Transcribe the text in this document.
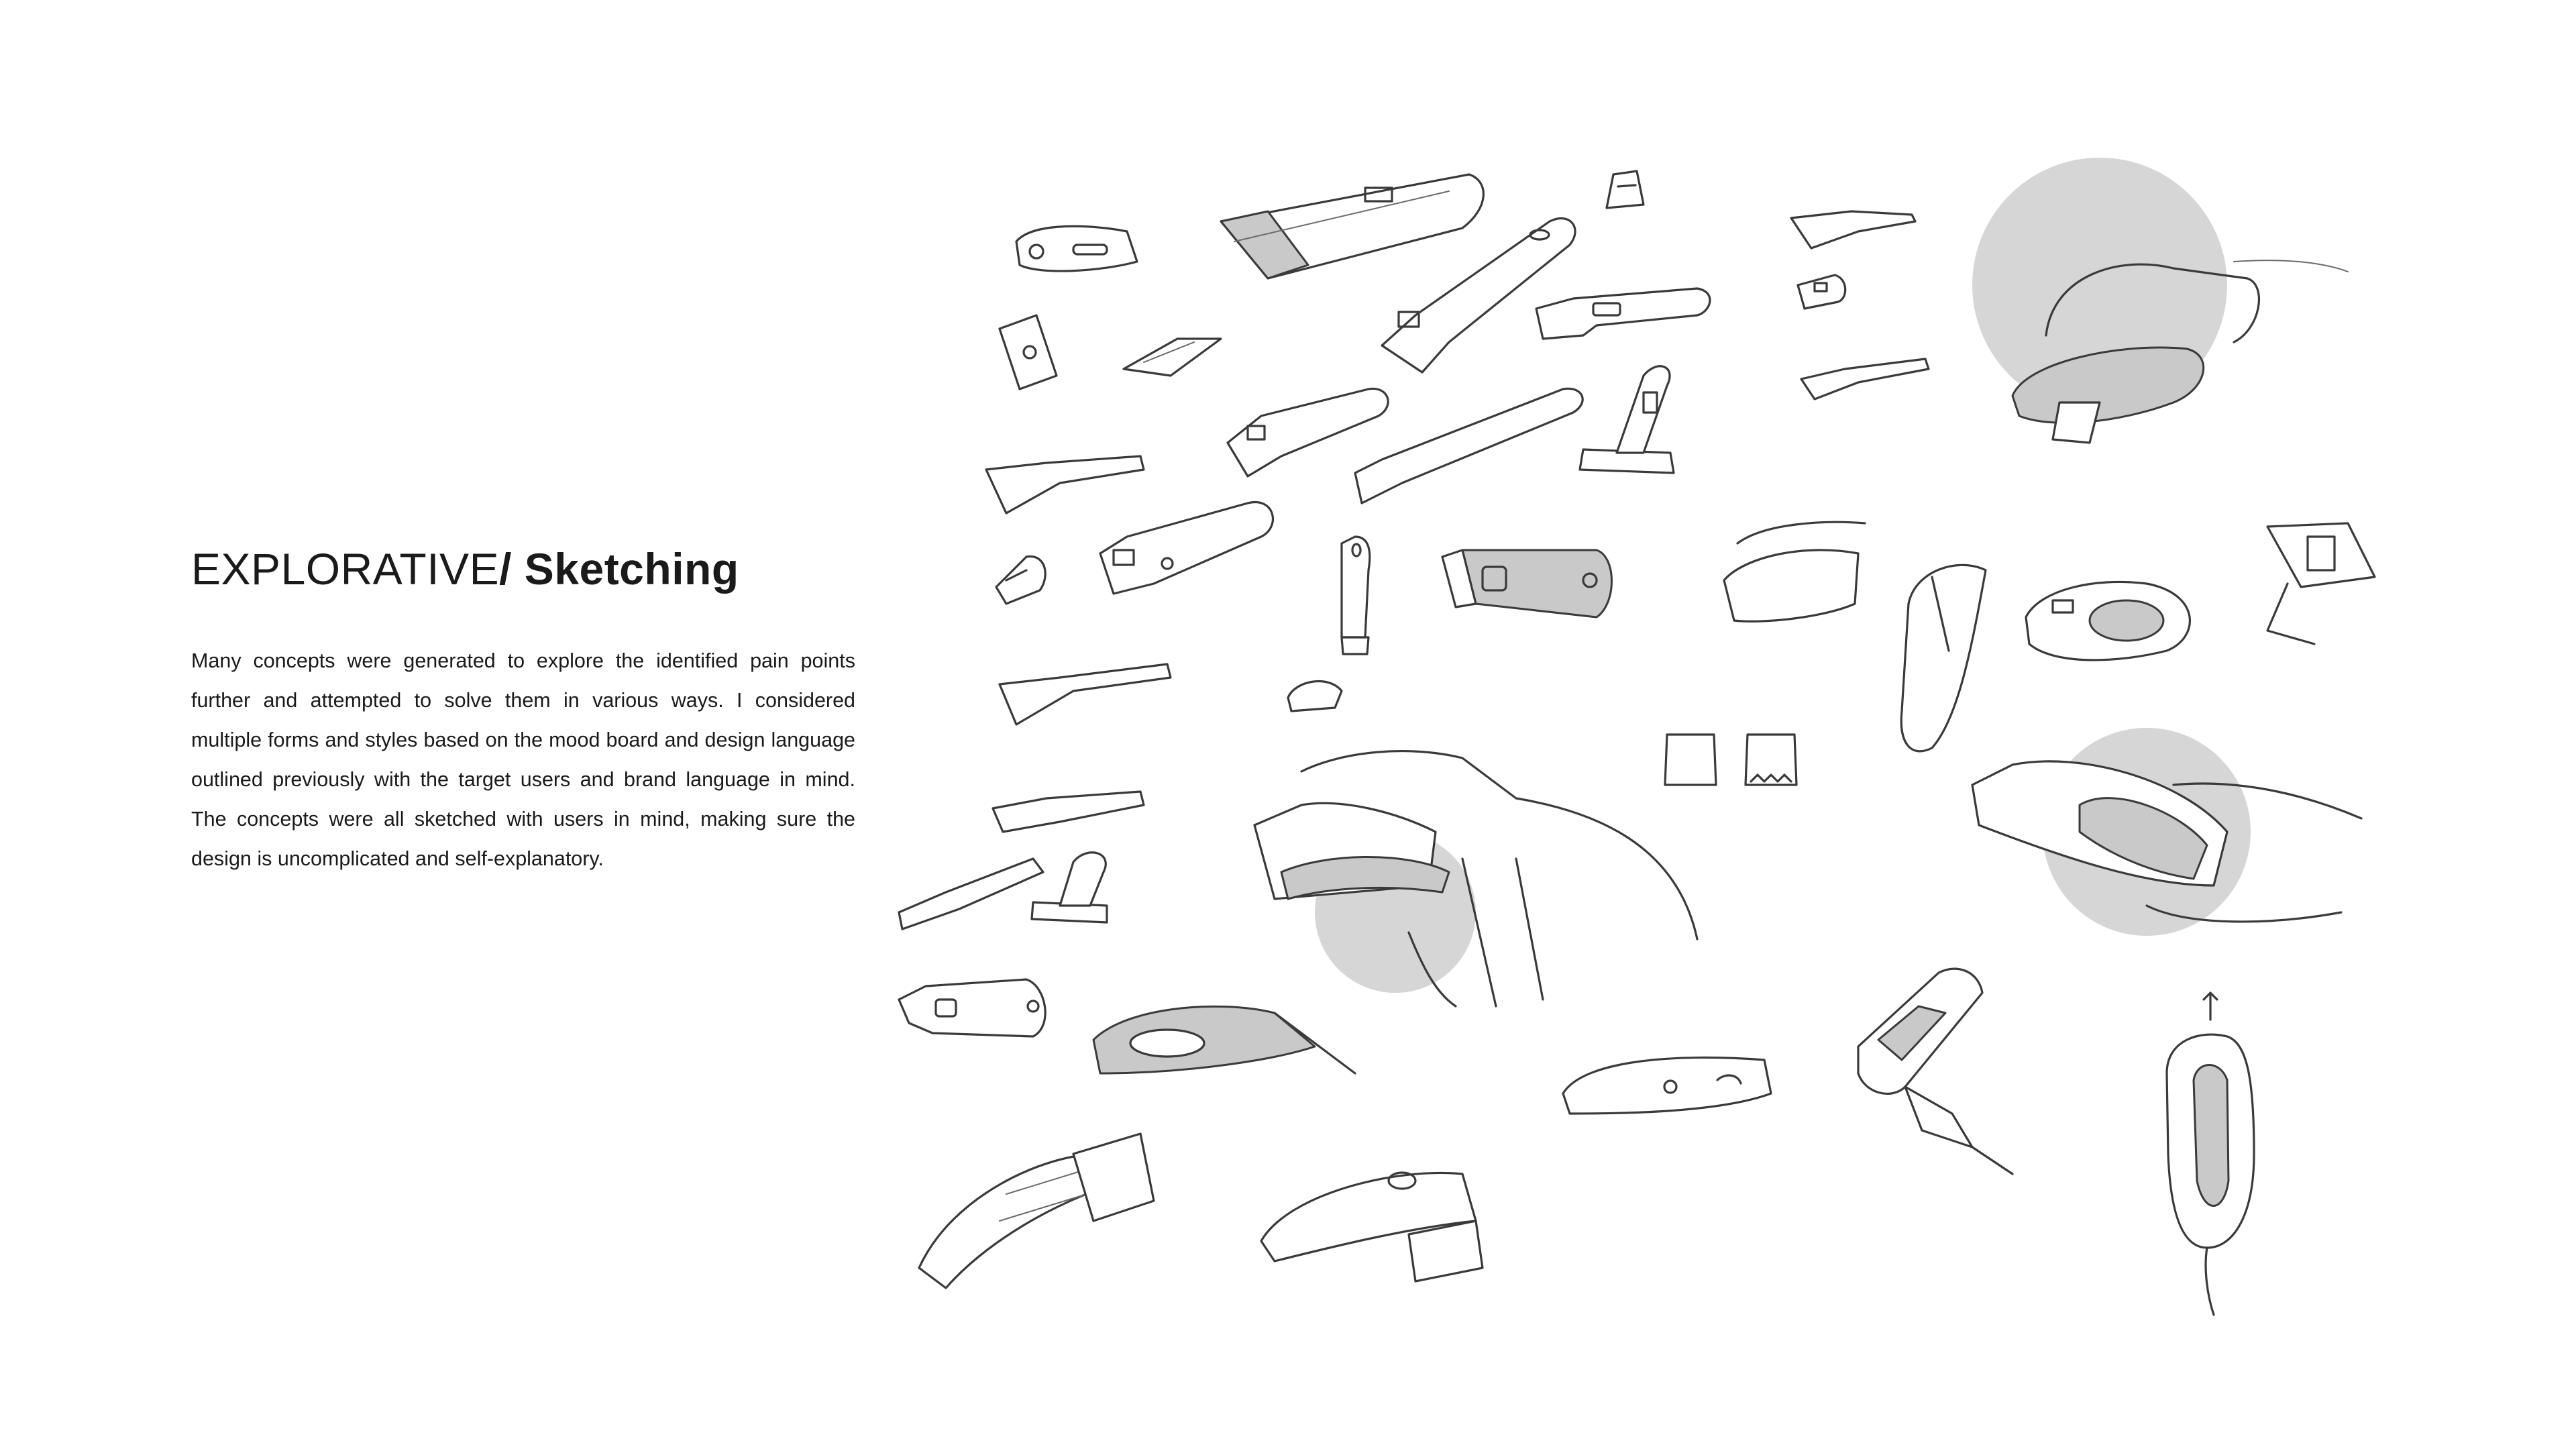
EXPLORATIVE/ Sketching

Many concepts were generated to explore the identified pain points further and attempted to solve them in various ways. I considered multiple forms and styles based on the mood board and design language outlined previously with the target users and brand language in mind. The concepts were all sketched with users in mind, making sure the design is uncomplicated and self-explanatory.
